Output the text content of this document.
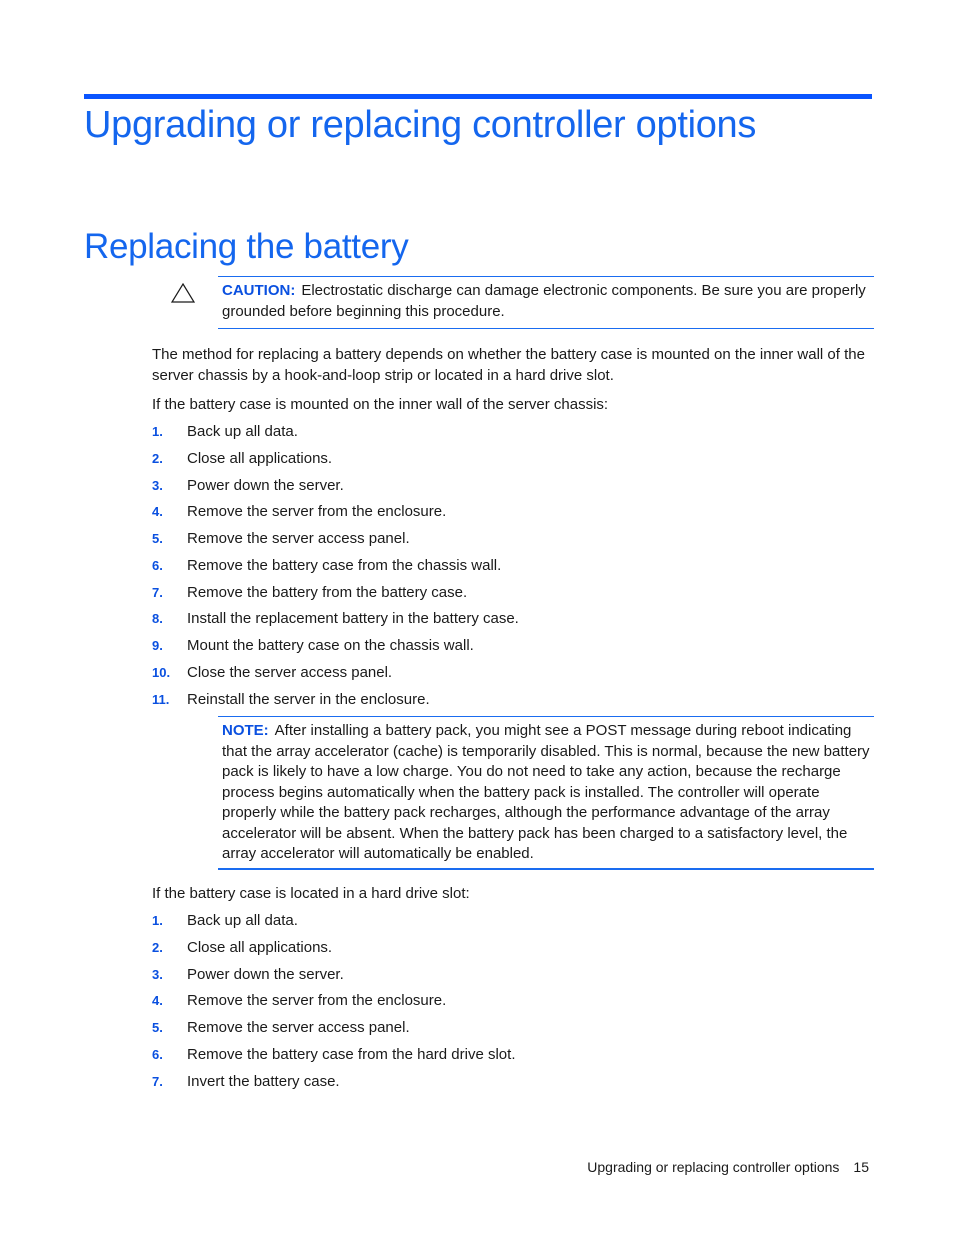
Upgrading or replacing controller options
Replacing the battery
CAUTION: Electrostatic discharge can damage electronic components. Be sure you are properly grounded before beginning this procedure.

The method for replacing a battery depends on whether the battery case is mounted on the inner wall of the server chassis by a hook-and-loop strip or located in a hard drive slot.

If the battery case is mounted on the inner wall of the server chassis:

1. Back up all data.
2. Close all applications.
3. Power down the server.
4. Remove the server from the enclosure.
5. Remove the server access panel.
6. Remove the battery case from the chassis wall.
7. Remove the battery from the battery case.
8. Install the replacement battery in the battery case.
9. Mount the battery case on the chassis wall.
10. Close the server access panel.
11. Reinstall the server in the enclosure.
NOTE: After installing a battery pack, you might see a POST message during reboot indicating that the array accelerator (cache) is temporarily disabled. This is normal, because the new battery pack is likely to have a low charge. You do not need to take any action, because the recharge process begins automatically when the battery pack is installed. The controller will operate properly while the battery pack recharges, although the performance advantage of the array accelerator will be absent. When the battery pack has been charged to a satisfactory level, the array accelerator will automatically be enabled.

If the battery case is located in a hard drive slot:

1. Back up all data.
2. Close all applications.
3. Power down the server.
4. Remove the server from the enclosure.
5. Remove the server access panel.
6. Remove the battery case from the hard drive slot.
7. Invert the battery case.
Upgrading or replacing controller options 15
